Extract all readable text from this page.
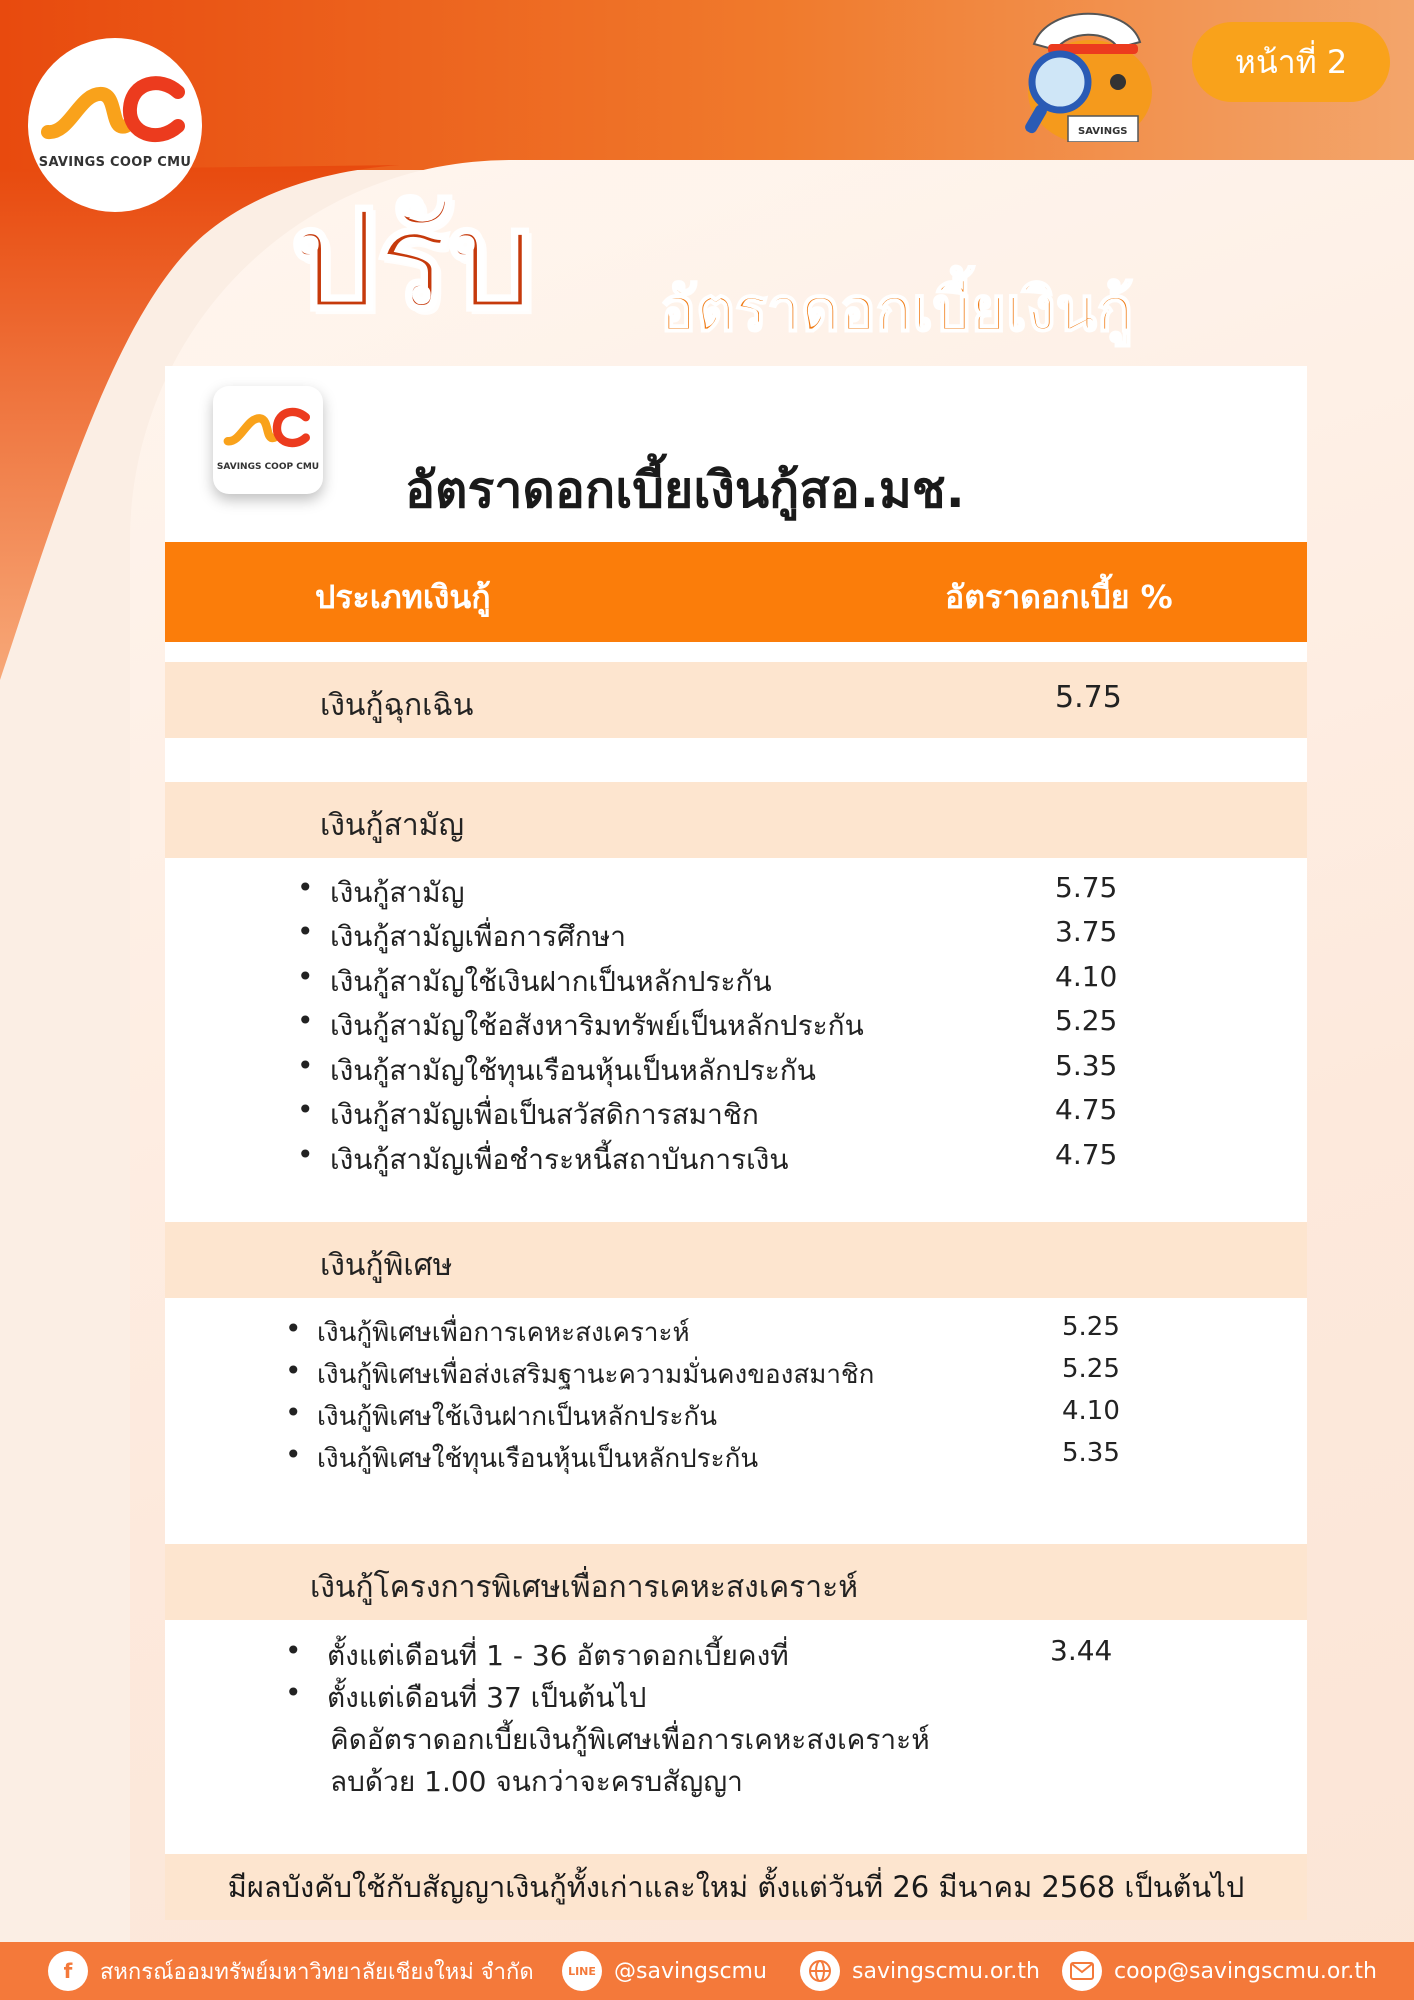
SAVINGS COOP CMU
SAVINGS
หน้าที่ 2
ปรับ อัตราดอกเบี้ยเงินกู้
SAVINGS COOP CMU อัตราดอกเบี้ยเงินกู้สอ.มช.
ประเภทเงินกู้	อัตราดอกเบี้ย %
เงินกู้ฉุกเฉิน	5.75
เงินกู้สามัญ
• เงินกู้สามัญ	5.75
• เงินกู้สามัญเพื่อการศึกษา	3.75
• เงินกู้สามัญใช้เงินฝากเป็นหลักประกัน	4.10
• เงินกู้สามัญใช้อสังหาริมทรัพย์เป็นหลักประกัน	5.25
• เงินกู้สามัญใช้ทุนเรือนหุ้นเป็นหลักประกัน	5.35
• เงินกู้สามัญเพื่อเป็นสวัสดิการสมาชิก	4.75
• เงินกู้สามัญเพื่อชำระหนี้สถาบันการเงิน	4.75
เงินกู้พิเศษ
• เงินกู้พิเศษเพื่อการเคหะสงเคราะห์	5.25
• เงินกู้พิเศษเพื่อส่งเสริมฐานะความมั่นคงของสมาชิก	5.25
• เงินกู้พิเศษใช้เงินฝากเป็นหลักประกัน	4.10
• เงินกู้พิเศษใช้ทุนเรือนหุ้นเป็นหลักประกัน	5.35
เงินกู้โครงการพิเศษเพื่อการเคหะสงเคราะห์
• ตั้งแต่เดือนที่ 1 - 36 อัตราดอกเบี้ยคงที่	3.44
• ตั้งแต่เดือนที่ 37 เป็นต้นไป
คิดอัตราดอกเบี้ยเงินกู้พิเศษเพื่อการเคหะสงเคราะห์
ลบด้วย 1.00 จนกว่าจะครบสัญญา
มีผลบังคับใช้กับสัญญาเงินกู้ทั้งเก่าและใหม่ ตั้งแต่วันที่ 26 มีนาคม 2568 เป็นต้นไป
f	สหกรณ์ออมทรัพย์มหาวิทยาลัยเชียงใหม่ จำกัด	LINE @savingscmu	savingscmu.or.th	coop@savingscmu.or.th
